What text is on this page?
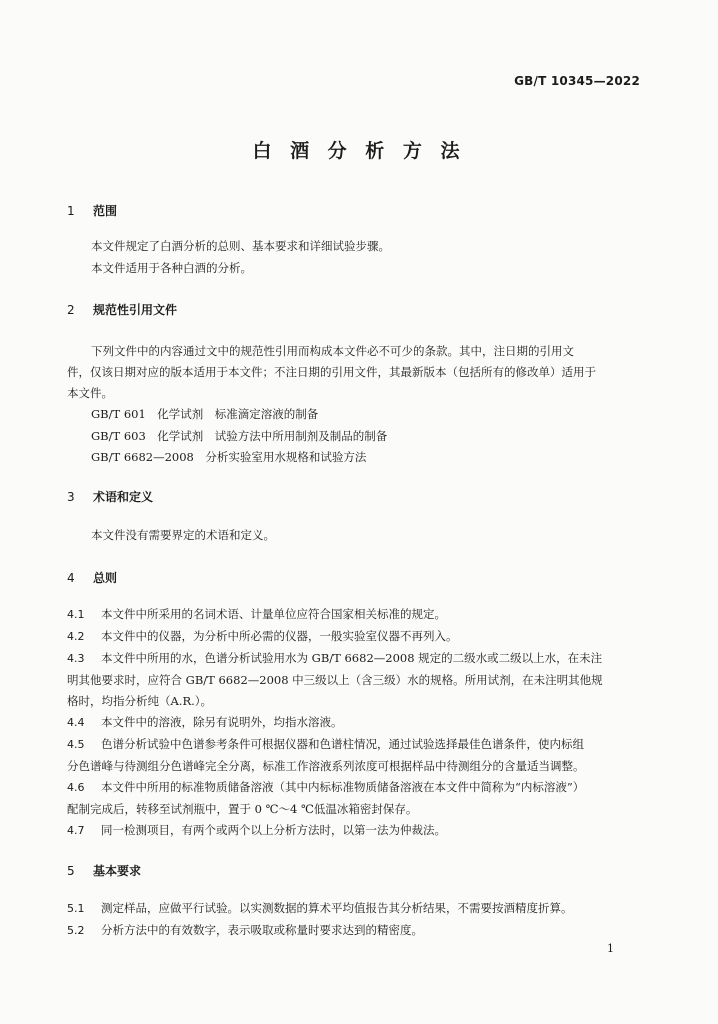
GB/T 10345—2022
白 酒 分 析 方 法
1 范围
本文件规定了白酒分析的总则、基本要求和详细试验步骤。
本文件适用于各种白酒的分析。
2 规范性引用文件
下列文件中的内容通过文中的规范性引用而构成本文件必不可少的条款。其中，注日期的引用文
件，仅该日期对应的版本适用于本文件；不注日期的引用文件，其最新版本（包括所有的修改单）适用于
本文件。
GB/T 601　化学试剂　标准滴定溶液的制备
GB/T 603　化学试剂　试验方法中所用制剂及制品的制备
GB/T 6682—2008　分析实验室用水规格和试验方法
3 术语和定义
本文件没有需要界定的术语和定义。
4 总则
4.1 本文件中所采用的名词术语、计量单位应符合国家相关标准的规定。
4.2 本文件中的仪器，为分析中所必需的仪器，一般实验室仪器不再列入。
4.3 本文件中所用的水，色谱分析试验用水为 GB/T 6682—2008 规定的二级水或二级以上水，在未注
明其他要求时，应符合 GB/T 6682—2008 中三级以上（含三级）水的规格。所用试剂，在未注明其他规
格时，均指分析纯（A.R.）。
4.4 本文件中的溶液，除另有说明外，均指水溶液。
4.5 色谱分析试验中色谱参考条件可根据仪器和色谱柱情况，通过试验选择最佳色谱条件，使内标组
分色谱峰与待测组分色谱峰完全分离，标准工作溶液系列浓度可根据样品中待测组分的含量适当调整。
4.6 本文件中所用的标准物质储备溶液（其中内标标准物质储备溶液在本文件中简称为“内标溶液”）
配制完成后，转移至试剂瓶中，置于 0 ℃～4 ℃低温冰箱密封保存。
4.7 同一检测项目，有两个或两个以上分析方法时，以第一法为仲裁法。
5 基本要求
5.1 测定样品，应做平行试验。以实测数据的算术平均值报告其分析结果，不需要按酒精度折算。
5.2 分析方法中的有效数字，表示吸取或称量时要求达到的精密度。
1
